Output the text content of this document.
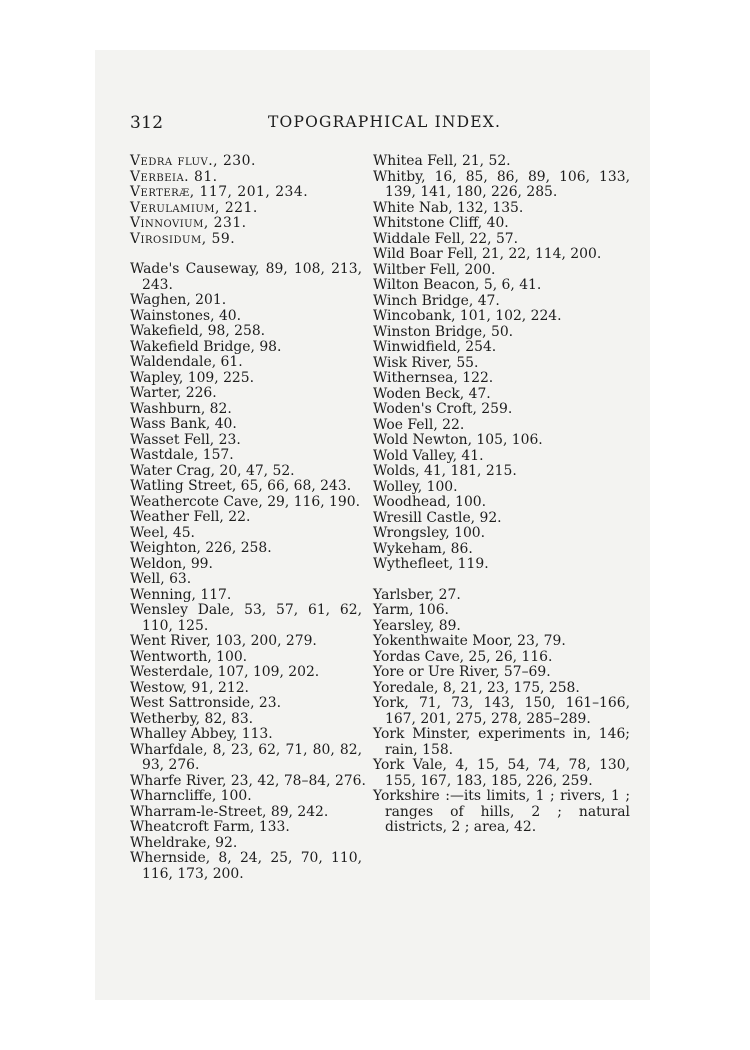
312	TOPOGRAPHICAL INDEX.
Vedra fluv., 230.
Verbeia. 81.
Verteræ, 117, 201, 234.
Verulamium, 221.
Vinnovium, 231.
Virosidum, 59.
Wade's Causeway, 89, 108, 213, 243.
Waghen, 201.
Wainstones, 40.
Wakefield, 98, 258.
Wakefield Bridge, 98.
Waldendale, 61.
Wapley, 109, 225.
Warter, 226.
Washburn, 82.
Wass Bank, 40.
Wasset Fell, 23.
Wastdale, 157.
Water Crag, 20, 47, 52.
Watling Street, 65, 66, 68, 243.
Weathercote Cave, 29, 116, 190.
Weather Fell, 22.
Weel, 45.
Weighton, 226, 258.
Weldon, 99.
Well, 63.
Wenning, 117.
Wensley Dale, 53, 57, 61, 62, 110, 125.
Went River, 103, 200, 279.
Wentworth, 100.
Westerdale, 107, 109, 202.
Westow, 91, 212.
West Sattronside, 23.
Wetherby, 82, 83.
Whalley Abbey, 113.
Wharfdale, 8, 23, 62, 71, 80, 82, 93, 276.
Wharfe River, 23, 42, 78–84, 276.
Wharncliffe, 100.
Wharram-le-Street, 89, 242.
Wheatcroft Farm, 133.
Wheldrake, 92.
Whernside, 8, 24, 25, 70, 110, 116, 173, 200.
Whitea Fell, 21, 52.
Whitby, 16, 85, 86, 89, 106, 133, 139, 141, 180, 226, 285.
White Nab, 132, 135.
Whitstone Cliff, 40.
Widdale Fell, 22, 57.
Wild Boar Fell, 21, 22, 114, 200.
Wiltber Fell, 200.
Wilton Beacon, 5, 6, 41.
Winch Bridge, 47.
Wincobank, 101, 102, 224.
Winston Bridge, 50.
Winwidfield, 254.
Wisk River, 55.
Withernsea, 122.
Woden Beck, 47.
Woden's Croft, 259.
Woe Fell, 22.
Wold Newton, 105, 106.
Wold Valley, 41.
Wolds, 41, 181, 215.
Wolley, 100.
Woodhead, 100.
Wresill Castle, 92.
Wrongsley, 100.
Wykeham, 86.
Wythefleet, 119.
Yarlsber, 27.
Yarm, 106.
Yearsley, 89.
Yokenthwaite Moor, 23, 79.
Yordas Cave, 25, 26, 116.
Yore or Ure River, 57–69.
Yoredale, 8, 21, 23, 175, 258.
York, 71, 73, 143, 150, 161–166, 167, 201, 275, 278, 285–289.
York Minster, experiments in, 146; rain, 158.
York Vale, 4, 15, 54, 74, 78, 130, 155, 167, 183, 185, 226, 259.
Yorkshire :—its limits, 1 ; rivers, 1 ; ranges of hills, 2 ; natural districts, 2 ; area, 42.
